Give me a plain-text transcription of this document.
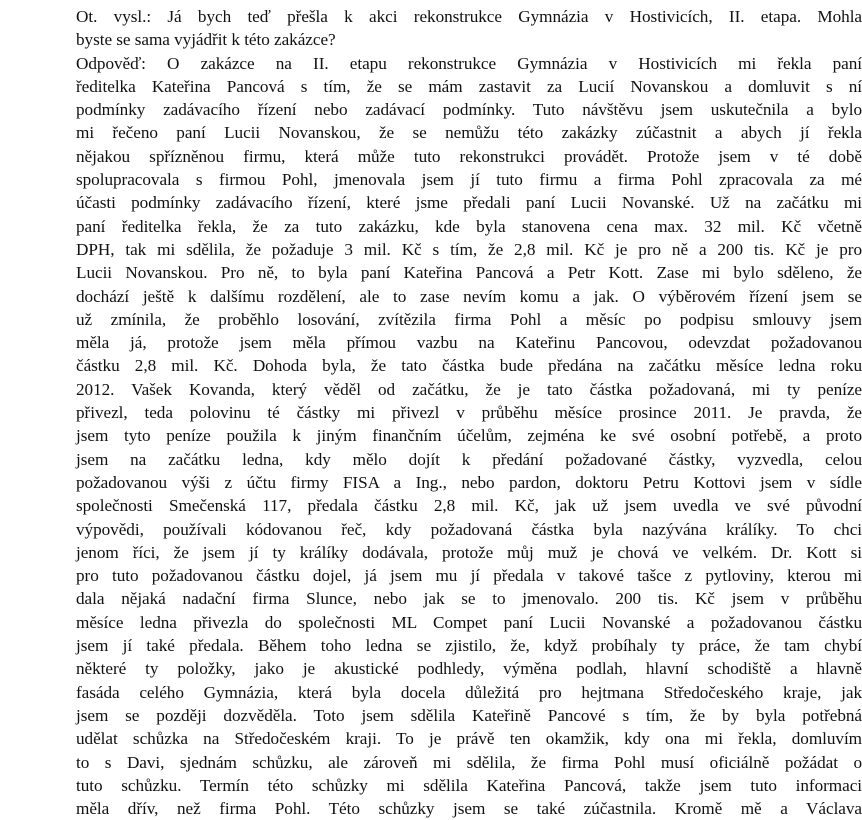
Ot. vysl.: Já bych teď přešla k akci rekonstrukce Gymnázia v Hostivicích, II. etapa. Mohla
byste se sama vyjádřit k této zakázce?
Odpověď: O zakázce na II. etapu rekonstrukce Gymnázia v Hostivicích mi řekla paní
ředitelka Kateřina Pancová s tím, že se mám zastavit za Lucií Novanskou a domluvit s ní
podmínky zadávacího řízení nebo zadávací podmínky. Tuto návštěvu jsem uskutečnila a bylo
mi řečeno paní Lucii Novanskou, že se nemůžu této zakázky zúčastnit a abych jí řekla
nějakou spřízněnou firmu, která může tuto rekonstrukci provádět. Protože jsem v té době
spolupracovala s firmou Pohl, jmenovala jsem jí tuto firmu a firma Pohl zpracovala za mé
účasti podmínky zadávacího řízení, které jsme předali paní Lucii Novanské. Už na začátku mi
paní ředitelka řekla, že za tuto zakázku, kde byla stanovena cena max. 32 mil. Kč včetně
DPH, tak mi sdělila, že požaduje 3 mil. Kč s tím, že 2,8 mil. Kč je pro ně a 200 tis. Kč je pro
Lucii Novanskou. Pro ně, to byla paní Kateřina Pancová a Petr Kott. Zase mi bylo sděleno, že
dochází ještě k dalšímu rozdělení, ale to zase nevím komu a jak. O výběrovém řízení jsem se
už zmínila, že proběhlo losování, zvítězila firma Pohl a měsíc po podpisu smlouvy jsem
měla já, protože jsem měla přímou vazbu na Kateřinu Pancovou, odevzdat požadovanou
částku 2,8 mil. Kč. Dohoda byla, že tato částka bude předána na začátku měsíce ledna roku
2012. Vašek Kovanda, který věděl od začátku, že je tato částka požadovaná, mi ty peníze
přivezl, teda polovinu té částky mi přivezl v průběhu měsíce prosince 2011. Je pravda, že
jsem tyto peníze použila k jiným finančním účelům, zejména ke své osobní potřebě, a proto
jsem na začátku ledna, kdy mělo dojít k předání požadované částky, vyzvedla, celou
požadovanou výši z účtu firmy FISA a Ing., nebo pardon, doktoru Petru Kottovi jsem v sídle
společnosti Smečenská 117, předala částku 2,8 mil. Kč, jak už jsem uvedla ve své původní
výpovědi, používali kódovanou řeč, kdy požadovaná částka byla nazývána králíky. To chci
jenom říci, že jsem jí ty králíky dodávala, protože můj muž je chová ve velkém. Dr. Kott si
pro tuto požadovanou částku dojel, já jsem mu jí předala v takové tašce z pytloviny, kterou mi
dala nějaká nadační firma Slunce, nebo jak se to jmenovalo. 200 tis. Kč jsem v průběhu
měsíce ledna přivezla do společnosti ML Compet paní Lucii Novanské a požadovanou částku
jsem jí také předala. Během toho ledna se zjistilo, že, když probíhaly ty práce, že tam chybí
některé ty položky, jako je akustické podhledy, výměna podlah, hlavní schodiště a hlavně
fasáda celého Gymnázia, která byla docela důležitá pro hejtmana Středočeského kraje, jak
jsem se později dozvěděla. Toto jsem sdělila Kateřině Pancové s tím, že by byla potřebná
udělat schůzka na Středočeském kraji. To je právě ten okamžik, kdy ona mi řekla, domluvím
to s Davi, sjednám schůzku, ale zároveň mi sdělila, že firma Pohl musí oficiálně požádat o
tuto schůzku. Termín této schůzky mi sdělila Kateřina Pancová, takže jsem tuto informaci
měla dřív, než firma Pohl. Této schůzky jsem se také zúčastnila. Kromě mě a Václava
